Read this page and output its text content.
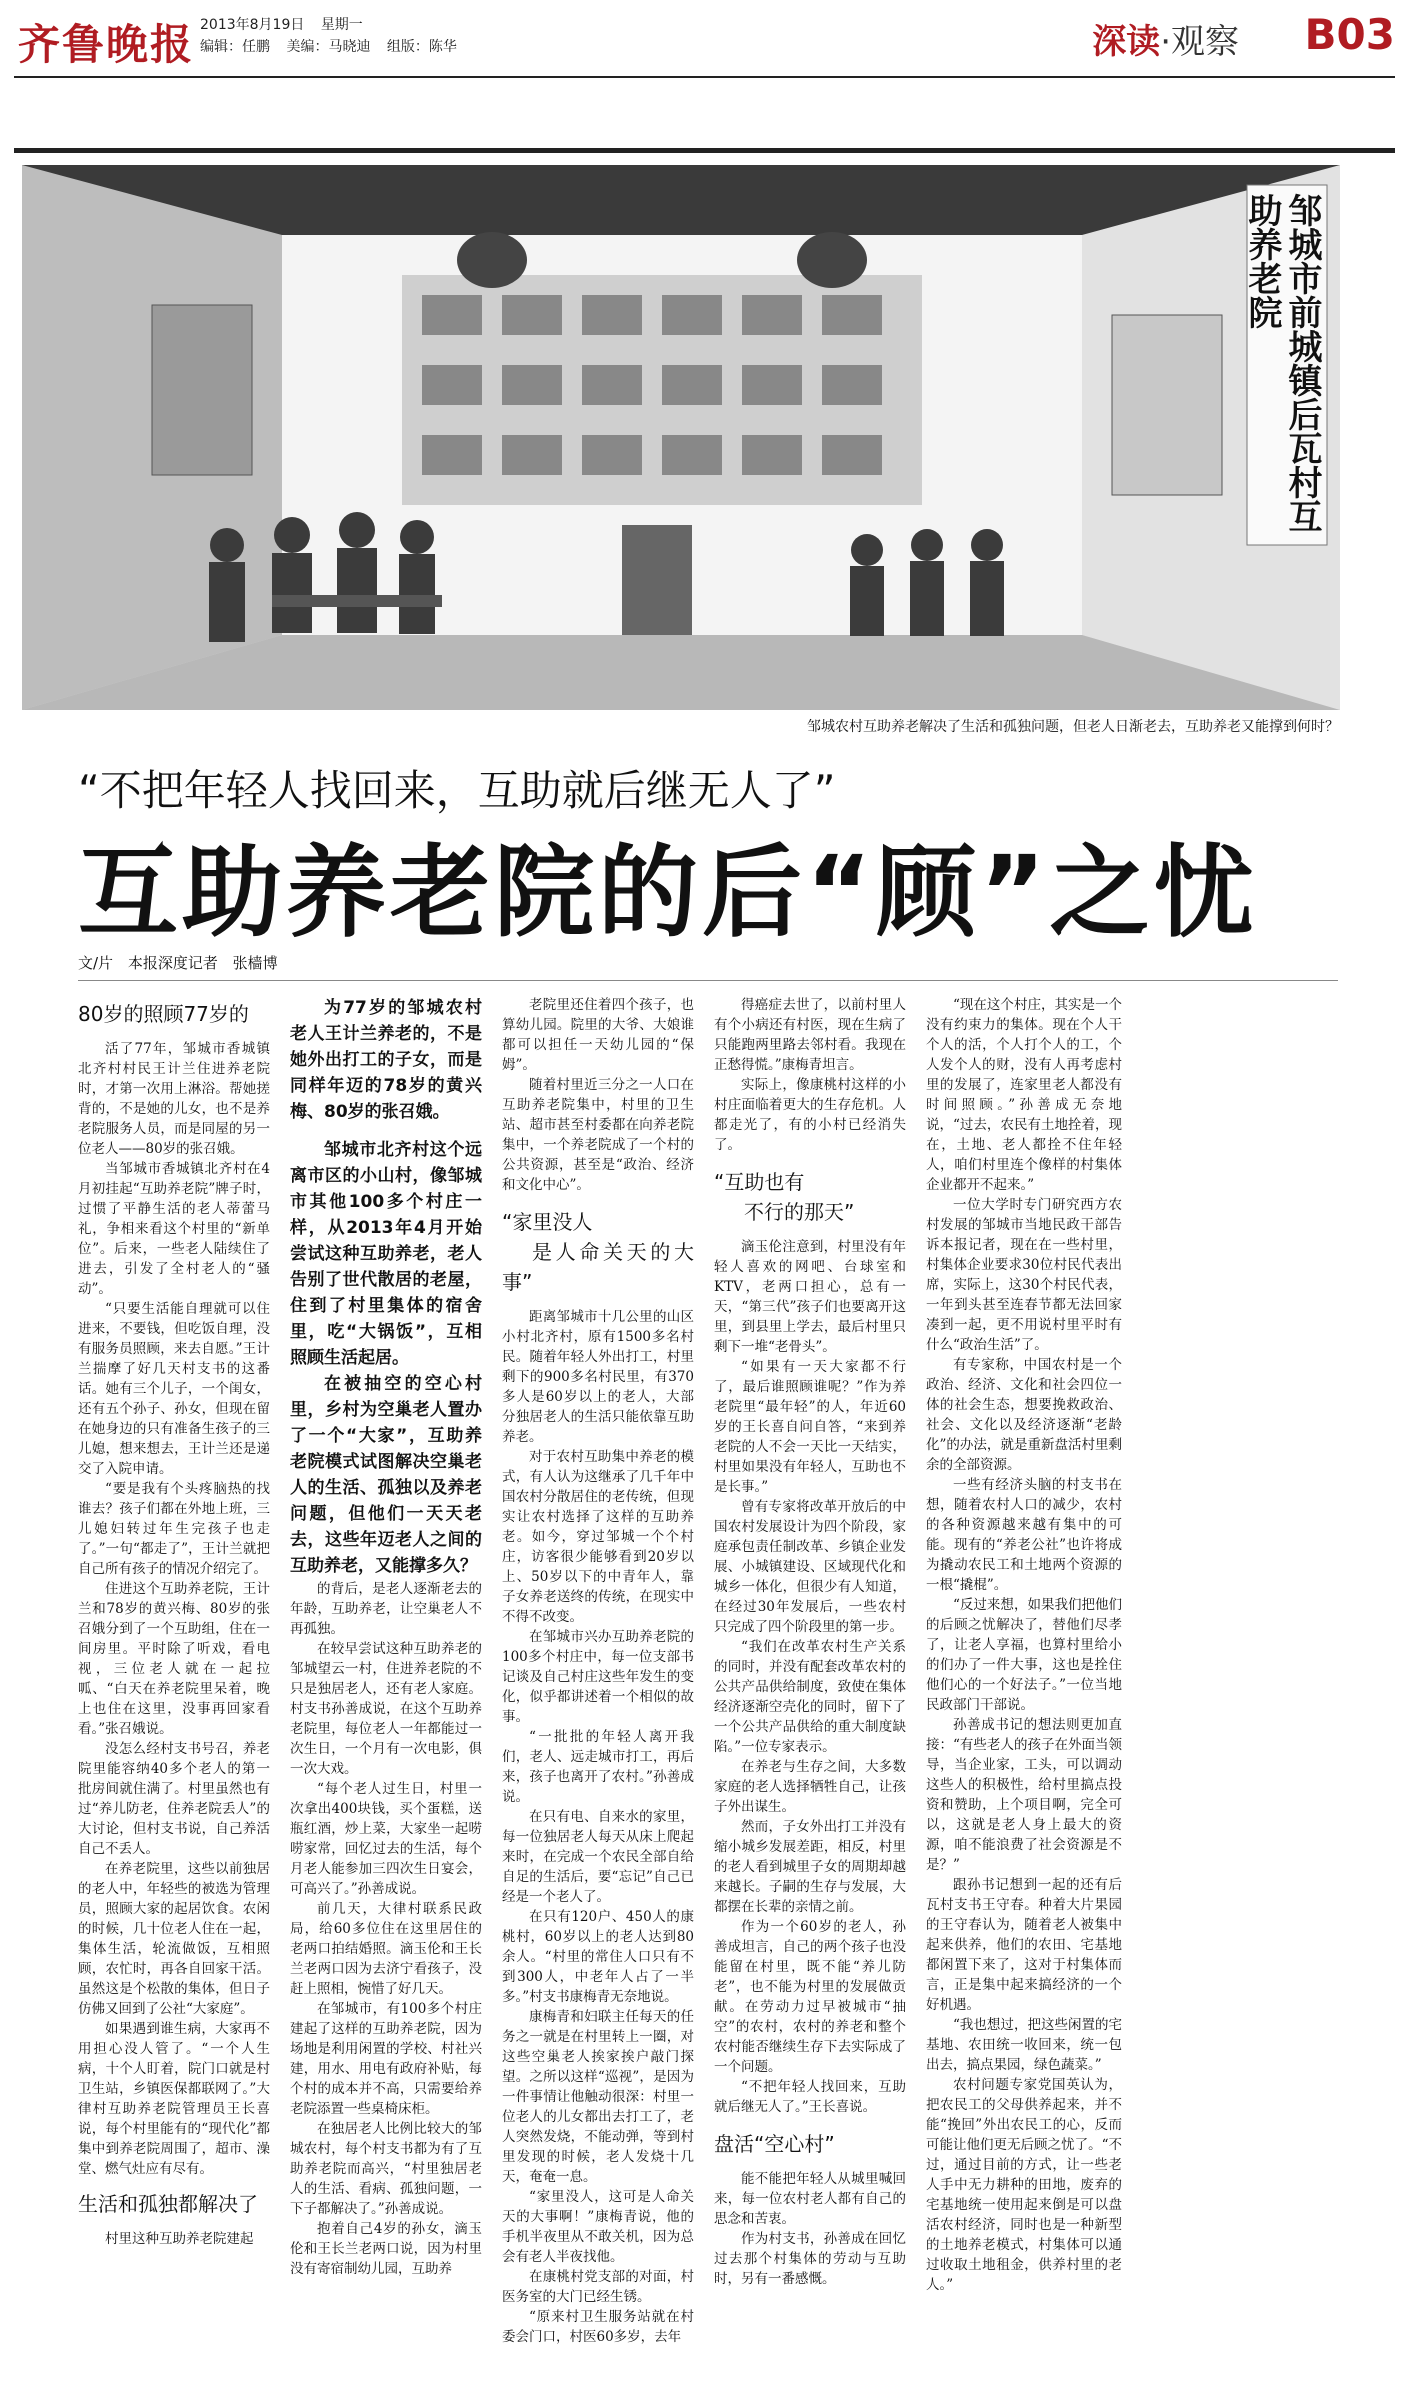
齐鲁晚报 2013年8月19日 星期一
编辑：任鹏 美编：马晓迪 组版：陈华	深读·观察 B03
邹城市前城镇后瓦村互助养老院
邹城农村互助养老解决了生活和孤独问题，但老人日渐老去，互助养老又能撑到何时？
“不把年轻人找回来，互助就后继无人了”
互助养老院的后“顾”之忧
文/片 本报深度记者 张樯博
80岁的照顾77岁的

活了77年，邹城市香城镇北齐村村民王计兰住进养老院时，才第一次用上淋浴。帮她搓背的，不是她的儿女，也不是养老院服务人员，而是同屋的另一位老人——80岁的张召娥。

当邹城市香城镇北齐村在4月初挂起“互助养老院”牌子时，过惯了平静生活的老人蒂蕾马礼，争相来看这个村里的“新单位”。后来，一些老人陆续住了进去，引发了全村老人的“骚动”。

“只要生活能自理就可以住进来，不要钱，但吃饭自理，没有服务员照顾，来去自愿。”王计兰揣摩了好几天村支书的这番话。她有三个儿子，一个闺女，还有五个孙子、孙女，但现在留在她身边的只有准备生孩子的三儿媳，想来想去，王计兰还是递交了入院申请。

“要是我有个头疼脑热的找谁去？孩子们都在外地上班，三儿媳妇转过年生完孩子也走了。”一句“都走了”，王计兰就把自己所有孩子的情况介绍完了。

住进这个互助养老院，王计兰和78岁的黄兴梅、80岁的张召娥分到了一个互助组，住在一间房里。平时除了听戏，看电视，三位老人就在一起拉呱、“白天在养老院里呆着，晚上也住在这里，没事再回家看看。”张召娥说。

没怎么经村支书号召，养老院里能容纳40多个老人的第一批房间就住满了。村里虽然也有过“养儿防老，住养老院丢人”的大讨论，但村支书说，自己养活自己不丢人。

在养老院里，这些以前独居的老人中，年轻些的被选为管理员，照顾大家的起居饮食。农闲的时候，几十位老人住在一起，集体生活，轮流做饭，互相照顾，农忙时，再各自回家干活。虽然这是个松散的集体，但日子仿佛又回到了公社“大家庭”。

如果遇到谁生病，大家再不用担心没人管了。“一个人生病，十个人盯着，院门口就是村卫生站，乡镇医保都联网了。”大律村互助养老院管理员王长喜说，每个村里能有的“现代化”都集中到养老院周围了，超市、澡堂、燃气灶应有尽有。

生活和孤独都解决了

村里这种互助养老院建起

为77岁的邹城农村老人王计兰养老的，不是她外出打工的子女，而是同样年迈的78岁的黄兴梅、80岁的张召娥。

邹城市北齐村这个远离市区的小山村，像邹城市其他100多个村庄一样，从2013年4月开始尝试这种互助养老，老人告别了世代散居的老屋，住到了村里集体的宿舍里，吃“大锅饭”，互相照顾生活起居。

在被抽空的空心村里，乡村为空巢老人置办了一个“大家”，互助养老院模式试图解决空巢老人的生活、孤独以及养老问题，但他们一天天老去，这些年迈老人之间的互助养老，又能撑多久？

的背后，是老人逐渐老去的年龄，互助养老，让空巢老人不再孤独。

在较早尝试这种互助养老的邹城望云一村，住进养老院的不只是独居老人，还有老人家庭。村支书孙善成说，在这个互助养老院里，每位老人一年都能过一次生日，一个月有一次电影，俱一次大戏。

“每个老人过生日，村里一次拿出400块钱，买个蛋糕，送瓶红酒，炒上菜，大家坐一起唠唠家常，回忆过去的生活，每个月老人能参加三四次生日宴会，可高兴了。”孙善成说。

前几天，大律村联系民政局，给60多位住在这里居住的老两口拍结婚照。滴玉伦和王长兰老两口因为去济宁看孩子，没赶上照相，惋惜了好几天。

在邹城市，有100多个村庄建起了这样的互助养老院，因为场地是利用闲置的学校、村社兴建，用水、用电有政府补贴，每个村的成本并不高，只需要给养老院添置一些桌椅床柜。

在独居老人比例比较大的邹城农村，每个村支书都为有了互助养老院而高兴，“村里独居老人的生活、看病、孤独问题，一下子都解决了。”孙善成说。

抱着自己4岁的孙女，滴玉伦和王长兰老两口说，因为村里没有寄宿制幼儿园，互助养

老院里还住着四个孩子，也算幼儿园。院里的大爷、大娘谁都可以担任一天幼儿园的“保姆”。

随着村里近三分之一人口在互助养老院集中，村里的卫生站、超市甚至村委都在向养老院集中，一个养老院成了一个村的公共资源，甚至是“政治、经济和文化中心”。

“家里没人
是人命关天的大事”

距离邹城市十几公里的山区小村北齐村，原有1500多名村民。随着年轻人外出打工，村里剩下的900多名村民里，有370多人是60岁以上的老人，大部分独居老人的生活只能依靠互助养老。

对于农村互助集中养老的模式，有人认为这继承了几千年中国农村分散居住的老传统，但现实让农村选择了这样的互助养老。如今，穿过邹城一个个村庄，访客很少能够看到20岁以上、50岁以下的中青年人，靠子女养老送终的传统，在现实中不得不改变。

在邹城市兴办互助养老院的100多个村庄中，每一位支部书记谈及自己村庄这些年发生的变化，似乎都讲述着一个相似的故事。

“一批批的年轻人离开我们，老人、远走城市打工，再后来，孩子也离开了农村。”孙善成说。

在只有电、自来水的家里，每一位独居老人每天从床上爬起来时，在完成一个农民全部自给自足的生活后，要“忘记”自己已经是一个老人了。

在只有120户、450人的康桃村，60岁以上的老人达到80余人。“村里的常住人口只有不到300人，中老年人占了一半多。”村支书康梅青无奈地说。

康梅青和妇联主任每天的任务之一就是在村里转上一圈，对这些空巢老人挨家挨户敲门探望。之所以这样“巡视”，是因为一件事情让他触动很深：村里一位老人的儿女都出去打工了，老人突然发烧，不能动弹，等到村里发现的时候，老人发烧十几天，奄奄一息。

“家里没人，这可是人命关天的大事啊！”康梅青说，他的手机半夜里从不敢关机，因为总会有老人半夜找他。

在康桃村党支部的对面，村医务室的大门已经生锈。

“原来村卫生服务站就在村委会门口，村医60多岁，去年

得癌症去世了，以前村里人有个小病还有村医，现在生病了只能跑两里路去邻村看。我现在正愁得慌。”康梅青坦言。

实际上，像康桃村这样的小村庄面临着更大的生存危机。人都走光了，有的小村已经消失了。

“互助也有
不行的那天”

滴玉伦注意到，村里没有年轻人喜欢的网吧、台球室和KTV，老两口担心，总有一天，“第三代”孩子们也要离开这里，到县里上学去，最后村里只剩下一堆“老骨头”。

“如果有一天大家都不行了，最后谁照顾谁呢？”作为养老院里“最年轻”的人，年近60岁的王长喜自问自答，“来到养老院的人不会一天比一天结实，村里如果没有年轻人，互助也不是长事。”

曾有专家将改革开放后的中国农村发展设计为四个阶段，家庭承包责任制改革、乡镇企业发展、小城镇建设、区域现代化和城乡一体化，但很少有人知道，在经过30年发展后，一些农村只完成了四个阶段里的第一步。

“我们在改革农村生产关系的同时，并没有配套改革农村的公共产品供给制度，致使在集体经济逐渐空壳化的同时，留下了一个公共产品供给的重大制度缺陷。”一位专家表示。

在养老与生存之间，大多数家庭的老人选择牺牲自己，让孩子外出谋生。

然而，子女外出打工并没有缩小城乡发展差距，相反，村里的老人看到城里子女的周期却越来越长。子嗣的生存与发展，大都摆在长辈的亲情之前。

作为一个60岁的老人，孙善成坦言，自己的两个孩子也没能留在村里，既不能“养儿防老”，也不能为村里的发展做贡献。在劳动力过早被城市“抽空”的农村，农村的养老和整个农村能否继续生存下去实际成了一个问题。

“不把年轻人找回来，互助就后继无人了。”王长喜说。

盘活“空心村”

能不能把年轻人从城里喊回来，每一位农村老人都有自己的思念和苦衷。

作为村支书，孙善成在回忆过去那个村集体的劳动与互助时，另有一番感慨。

“现在这个村庄，其实是一个没有约束力的集体。现在个人干个人的活，个人打个人的工，个人发个人的财，没有人再考虑村里的发展了，连家里老人都没有时间照顾。”孙善成无奈地说，“过去，农民有土地拴着，现在，土地、老人都拴不住年轻人，咱们村里连个像样的村集体企业都开不起来。”

一位大学时专门研究西方农村发展的邹城市当地民政干部告诉本报记者，现在在一些村里，村集体企业要求30位村民代表出席，实际上，这30个村民代表，一年到头甚至连春节都无法回家凑到一起，更不用说村里平时有什么“政治生活”了。

有专家称，中国农村是一个政治、经济、文化和社会四位一体的社会生态，想要挽救政治、社会、文化以及经济逐渐“老龄化”的办法，就是重新盘活村里剩余的全部资源。

一些有经济头脑的村支书在想，随着农村人口的减少，农村的各种资源越来越有集中的可能。现有的“养老公社”也许将成为撬动农民工和土地两个资源的一根“撬棍”。

“反过来想，如果我们把他们的后顾之忧解决了，替他们尽孝了，让老人享福，也算村里给小的们办了一件大事，这也是拴住他们心的一个好法子。”一位当地民政部门干部说。

孙善成书记的想法则更加直接：“有些老人的孩子在外面当领导，当企业家，工头，可以调动这些人的积极性，给村里搞点投资和赞助，上个项目啊，完全可以，这就是老人身上最大的资源，咱不能浪费了社会资源是不是？”

跟孙书记想到一起的还有后瓦村支书王守春。种着大片果园的王守春认为，随着老人被集中起来供养，他们的农田、宅基地都闲置下来了，这对于村集体而言，正是集中起来搞经济的一个好机遇。

“我也想过，把这些闲置的宅基地、农田统一收回来，统一包出去，搞点果园，绿色蔬菜。”

农村问题专家党国英认为，把农民工的父母供养起来，并不能“挽回”外出农民工的心，反而可能让他们更无后顾之忧了。“不过，通过目前的方式，让一些老人手中无力耕种的田地，废弃的宅基地统一使用起来倒是可以盘活农村经济，同时也是一种新型的土地养老模式，村集体可以通过收取土地租金，供养村里的老人。”
